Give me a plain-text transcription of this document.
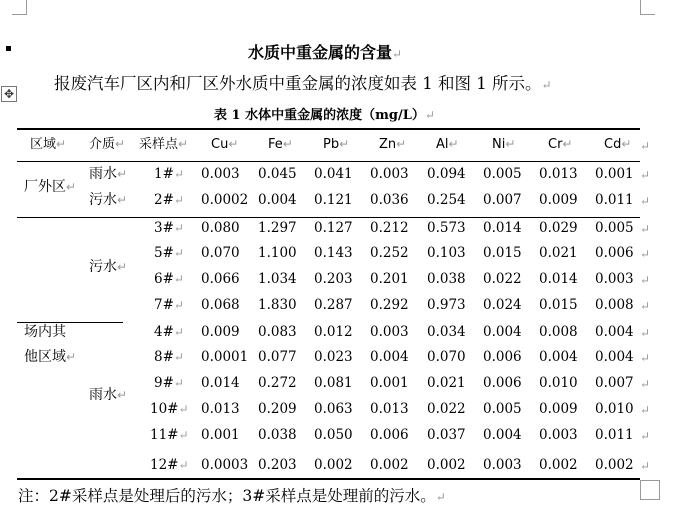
✥
水质中重金属的含量↵
报废汽车厂区内和厂区外水质中重金属的浓度如表 1 和图 1 所示。↵
表 1 水体中重金属的浓度（mg/L）↵
区域↵ 介质↵ 采样点↵ Cu↵ Fe↵ Pb↵ Zn↵ Al↵	Ni↵	Cr↵ Cd↵
厂外区↵
场内其
他区域↵
雨水↵
污水↵
污水↵
雨水↵
1#↵ 0.003 0.045 0.041 0.003 0.094 0.005 0.013 0.001 ↵
2#↵ 0.0002 0.004 0.121 0.036 0.254 0.007 0.009 0.011 ↵
3#↵ 0.080 1.297 0.127 0.212 0.573 0.014 0.029 0.005 ↵
5#↵ 0.070 1.100 0.143 0.252 0.103 0.015 0.021 0.006 ↵
6#↵ 0.066 1.034 0.203 0.201 0.038 0.022 0.014 0.003 ↵
7#↵ 0.068 1.830 0.287 0.292 0.973 0.024 0.015 0.008 ↵
4#↵ 0.009 0.083 0.012 0.003 0.034 0.004 0.008 0.004 ↵
8#↵ 0.0001 0.077 0.023 0.004 0.070 0.006 0.004 0.004 ↵
9#↵ 0.014 0.272 0.081 0.001 0.021 0.006 0.010 0.007 ↵
10#↵ 0.013 0.209 0.063 0.013 0.022 0.005 0.009 0.010 ↵
11#↵ 0.001 0.038 0.050 0.006 0.037 0.004 0.003 0.011 ↵
12#↵ 0.0003 0.203 0.002 0.002 0.002 0.003 0.002 0.002 ↵
↵
注：2#采样点是处理后的污水；3#采样点是处理前的污水。↵
